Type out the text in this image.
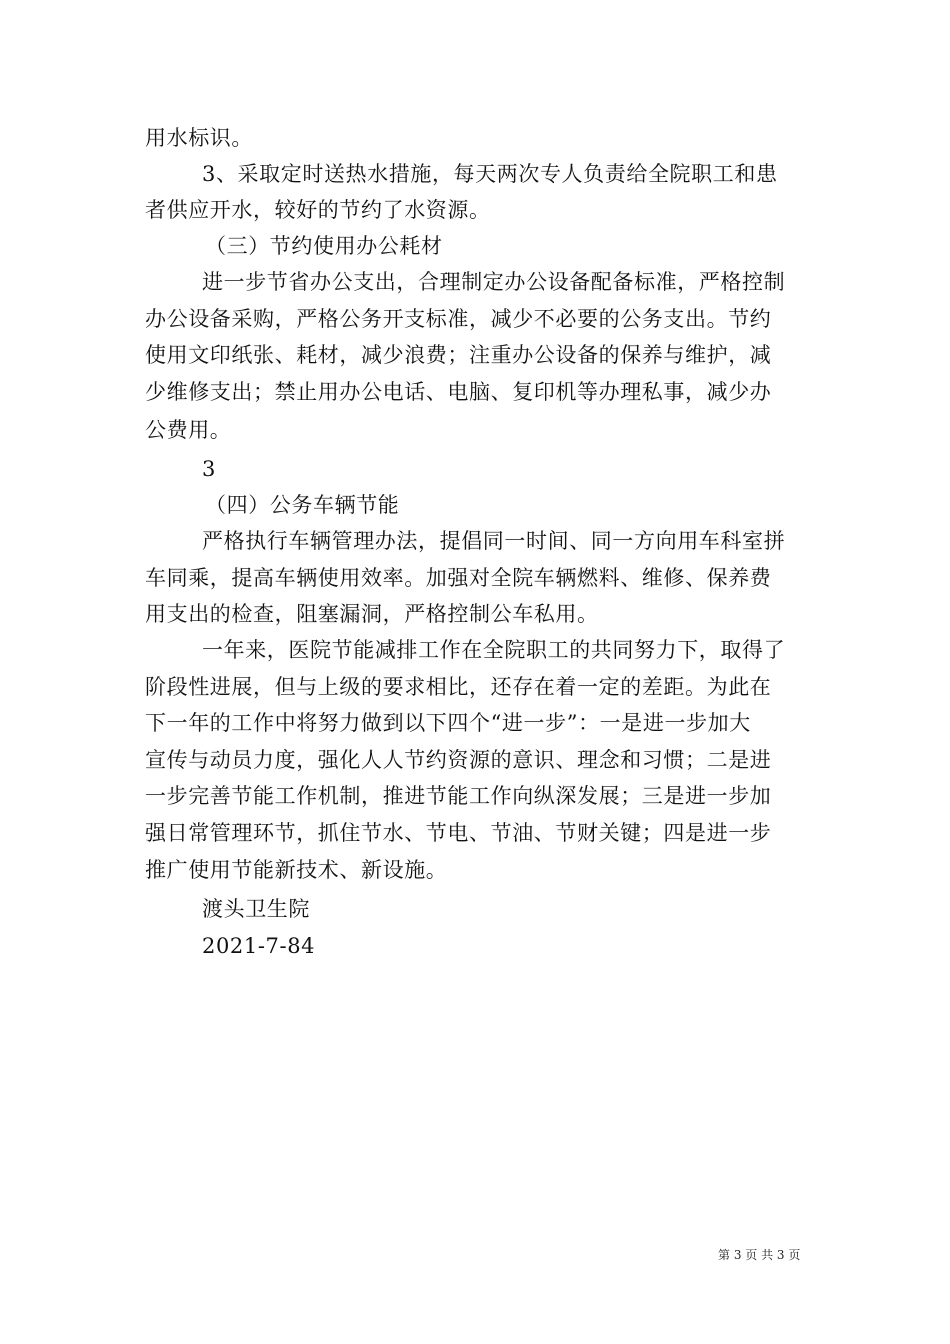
用水标识。
3、采取定时送热水措施，每天两次专人负责给全院职工和患
者供应开水，较好的节约了水资源。
（三）节约使用办公耗材
进一步节省办公支出，合理制定办公设备配备标准，严格控制
办公设备采购，严格公务开支标准，减少不必要的公务支出。节约
使用文印纸张、耗材，减少浪费；注重办公设备的保养与维护，减
少维修支出；禁止用办公电话、电脑、复印机等办理私事，减少办
公费用。
3
（四）公务车辆节能
严格执行车辆管理办法，提倡同一时间、同一方向用车科室拼
车同乘，提高车辆使用效率。加强对全院车辆燃料、维修、保养费
用支出的检查，阻塞漏洞，严格控制公车私用。
一年来，医院节能减排工作在全院职工的共同努力下，取得了
阶段性进展，但与上级的要求相比，还存在着一定的差距。为此在
下一年的工作中将努力做到以下四个“进一步”：一是进一步加大
宣传与动员力度，强化人人节约资源的意识、理念和习惯；二是进
一步完善节能工作机制，推进节能工作向纵深发展；三是进一步加
强日常管理环节，抓住节水、节电、节油、节财关键；四是进一步
推广使用节能新技术、新设施。
渡头卫生院
2021-7-84
第 3 页 共 3 页
